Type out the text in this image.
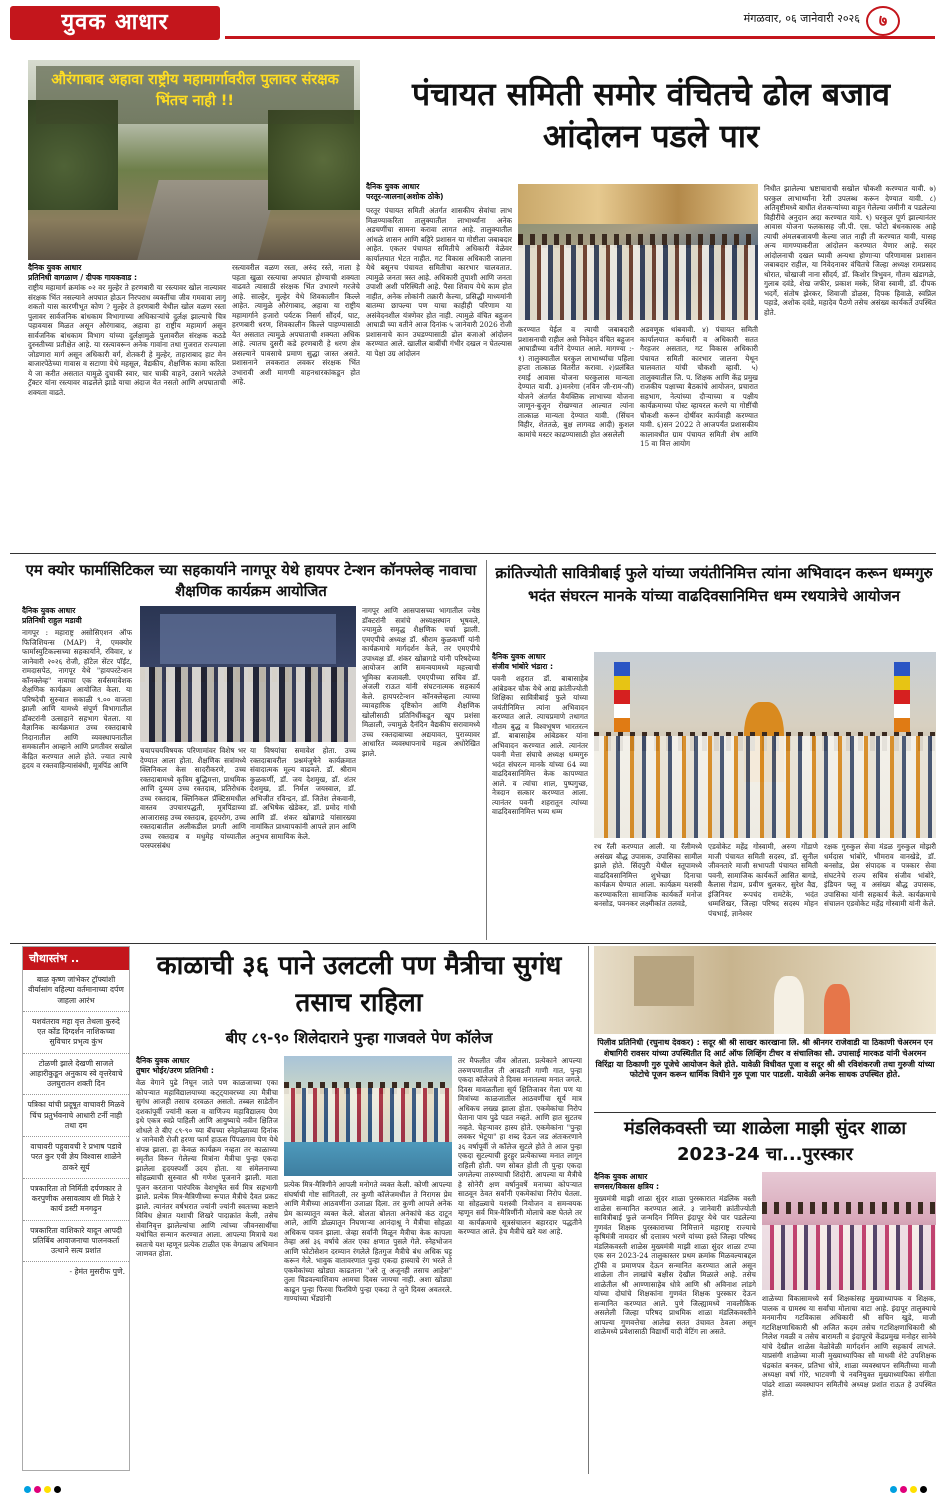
युवक आधार	मंगळवार, ०६ जानेवारी २०२६	७
औरंगाबाद अहावा राष्ट्रीय महामार्गावरील पुलावर संरक्षक भिंतच नाही !!
दैनिक युवक आधार
प्रतिनिधी वागळाण / दीपक गायकवाड :
राष्ट्रीय महामार्ग क्रमांक ०२ वर मुल्हेर ते हरणबारी या रस्त्यावर खोल नाल्यावर संरक्षक भिंत नसल्याने अपघात होऊन निरपराध व्यक्तींचा जीव गमवावा लागू शकतो यास कारणीभूत कोण ? मुल्हेर ते हरणबारी येथील खोल वळण रस्ता पुलावर सार्वजनिक बांधकाम विभागाच्या अधिकाऱ्यांचे दुर्लक्ष झाल्याचे चित्र पहावयास मिळत असून औरंगाबाद, अहावा हा राष्ट्रीय महामार्ग असून सार्वजनिक बांधकाम विभाग यांच्या दुर्लक्षामुळे पुलावरील संरक्षक कठडे दुरुस्तीच्या प्रतीक्षेत आहे. या रस्त्यावरून अनेक गावांना तथा गुजरात राज्याला जोडणारा मार्ग असून अधिकारी वर्ग, शेतकरी हे मुल्हेर, ताहाराबाद हाट मेन बाजारपेठेच्या गावास व सटाणा येथे महसूल, वैद्यकीय, शैक्षणिक कामा करिता ये जा करीत असतात यामुळे दुचाकी स्वार, चार चाकी वाहने, उसाने भरलेले ट्रॅक्टर यांना रस्त्यावर वाढलेले झाडे याचा अंदाज येत नसतो आणि अपघाताची शक्यता वाढते.
रस्त्यावरील वळण रस्ता, अरुंद रस्ते, नाला हे पहता खुळा रस्त्याचा अपघात होण्याची शक्यता वाढवते त्यासाठी संरक्षक भिंत उभारणे गरजेचे आहे. साल्हेर, मुल्हेर येथे शिवकालीन किल्ले आहेत. त्यामुळे औरंगाबाद, अहावा या राष्ट्रीय महामार्गाने हजारो पर्यटक निसर्ग सौंदर्य, घाट, हरणबारी धरण, शिवकालीन किल्ले पाहण्यासाठी येत असतात त्यामुळे अपघाताची शक्यता अधिक आहे. त्यातच दुसरी कडे हरणबारी हे धरण क्षेत्र असल्याने पावसाचे प्रमाण सुद्धा जास्त असते. प्रशासनाने लवकरात लवकर संरक्षक भिंत उभारावी अशी मागणी वाहनधारकांकडून होत आहे.
पंचायत समिती समोर वंचितचे ढोल बजाव आंदोलन पडले पार
दैनिक युवक आधार
परतूर-जालना(अशोक ठोके)
परतूर पंचायत समिती अंतर्गत शासकीय सेवांचा लाभ मिळण्याकरिता तालुक्यातील लाभार्थ्यांना अनेक अडचणींचा सामना करावा लागत आहे. तालुक्यातील आंधळे शासन आणि बहिरे प्रशासन या गोष्टीला जबाबदार आहेत. एकतर पंचायत समितीचे अधिकारी वेळेवर कार्यालयात भेटत नाहीत. गट विकास अधिकारी जालना येथे बसूनच पंचायत समितीचा कारभार चालवतात. त्यामुळे जनता त्रस्त आहे. अधिकारी तुपाशी आणि जनता उपाशी अशी परिस्थिती आहे. पैसा शिवाय येथे काम होत नाहीत, अनेक लोकांनी तक्रारी केल्या, प्रसिद्धी माध्यमांनी बातम्या छापल्या पण याचा काहीही परिणाम या असंवेदनशील यंत्रणेवर होत नाही. त्यामुळे वंचित बहुजन आघाडी च्या वतीने आज दिनांक ५ जानेवारी 2026 रोजी प्रशासनाचे कान उघडण्यासाठी ढोल बजाओ आंदोलन करण्यात आले. खालील बाबींची गंभीर दखल न घेतल्यास या पेक्षा उग्र आंदोलन
करण्यात येईल व त्याची जबाबदारी प्रशासनाची राहील असे निवेदन वंचित बहुजन आघाडीच्या वतीने देण्यात आले. मागण्या :- १) तालुक्यातील घरकुल लाभार्थ्यांचा पहिला हप्ता तात्काळ वितरीत करावा. २)प्रलंबित रमाई आवास योजना घरकुलास मान्यता देण्यात यावी. ३)मनरेगा (नविन जी-राम-जी) योजने अंतर्गत वैयक्तिक लाभाच्या योजना जाणून-बुजून रोखण्यात आल्यात त्यांना तात्काळ मान्यता देण्यात यावी. (सिंचन विहीर, शेततळे, बुक्ष लागवड आदी) कुशल कामांचे मस्टर काढण्यासाठी होत असलेली
अडवणूक थांबवावी. ४) पंचायत समिती कार्यालयात कर्मचारी व अधिकारी सतत गैरहजर असतात, गट विकास अधिकारी पंचायत समिती कारभार जालना येथून चालवतात यांची चौकशी व्हावी. ५) तालुक्यातील जि. प. शिक्षक आणि केंद्र प्रमुख राजकीय पक्षाच्या बैठकांचे आयोजन, प्रचारात सहभाग, नेत्यांच्या दौऱ्याच्या व पक्षीय कार्यक्रमाच्या पोस्ट व्हायरल करणे या गोष्टींची चौकशी करून दोषींवर कार्यवाही करण्यात यावी. ६)सन 2022 ते आजपर्यंत प्रशासकीय कालावधीत ग्राम पंचायत समिती शेष आणि 15 वा वित्त आयोग
निधीत झालेल्या भ्रष्टाचाराची सखोल चौकशी करण्यात यावी. ७) घरकुल लाभार्थ्यांना रेती उपलब्ध करून देण्यात यावी. ८) अतिवृष्टीमध्ये बाधीत शेतकऱ्यांच्या वाहून गेलेल्या जमीनी व पडलेल्या विहीरींचे अनुदान अदा करण्यात यावे. ९) घरकुल पूर्ण झाल्यानंतर आवास योजना फलकासह जी.पी. एस. फोटो बंधनकारक आहे त्याची अंमलबजावणी केल्या जात नाही ती करण्यात यावी, यासह अन्य मागण्याकरीता आंदोलन करण्यात येणार आहे. सदर आंदोलनाची दखल घ्यावी अन्यथा होणाऱ्या परिणामास प्रशासन जबाबदार राहील, या निवेदनावर वंचितचे जिल्हा अध्यक्ष रामप्रसाद थोरात, चोखाजी नाना सौंदर्य, डॉ. किशोर त्रिभुवन, गौतम खंडागळे, गुलाब दवंडे, शेख जफीर, प्रकाश मस्के, शिवा स्वामी, डॉ. दीपक भदर्गे, संतोष झेरकर, शिवाजी डोळस, दिपक हिवाळे, स्वप्निल पहाडे, अशोक दवंडे, महादेव पैठणे तसेच असंख्य कार्यकर्ते उपस्थित होते.
एम क्योर फार्मासिटिकल च्या सहकार्याने नागपूर येथे हायपर टेन्शन कॉनफ्लेव्ह नावाचा शैक्षणिक कार्यक्रम आयोजित
दैनिक युवक आधार
प्रतिनिधी राहुल मडावी
नागपूर : महाराष्ट्र असोसिएशन ऑफ फिजिशियन्स (MAP) ने, एमक्योर फार्मास्युटिकल्सच्या सहकार्याने, रविवार, ४ जानेवारी २०२६ रोजी, हॉटेल सेंटर पॉईंट, रामदासपेठ, नागपूर येथे "हायपरटेन्शन कॉनक्लेव्ह" नावाचा एक सर्वसमावेशक शैक्षणिक कार्यक्रम आयोजित केला. या परिषदेची सुरुवात सकाळी ९.०० वाजता झाली आणि यामध्ये संपूर्ण विभागातील डॉक्टरांनी उत्साहाने सहभाग घेतला. या वैज्ञानिक कार्यक्रमात उच्च रक्तदाबाचे निदानातील आणि व्यवस्थापनातील समकालीन आव्हाने आणि प्रगतीवर सखोल केंद्रित करण्यात आले होते. ज्यात त्याचे हृदय व रक्तवाहिन्यासंबंधी, मूत्रपिंड आणि
चयापचयविषयक परिणामांवर विशेष भर देण्यात आला होता. शैक्षणिक सत्रांमध्ये क्लिनिकल केस सादरीकरणे, उच्च रक्तदाबामध्ये कृत्रिम बुद्धिमत्ता, प्राथमिक आणि दुय्यम उच्च रक्तदाब, प्रतिरोधक उच्च रक्तदाब, क्लिनिकल प्रॅक्टिसमधील वास्तव उपचारपद्धती, मूत्रपिंडाच्या आजारासह उच्च रक्तदाब, हृदयरोग, उच्च रक्तदाबातील अलीकडील प्रगती आणि उच्च रक्तदाब व मधुमेह यांच्यातील परस्परसंबंध
या विषयांचा समावेश होता. उच्च रक्तदाबावरील प्रश्नमंजुषेने कार्यक्रमात संवादात्मक मूल्य वाढवले. डॉ. श्रीराम कुळकर्णी, डॉ. जय देशमुख, डॉ. शंतर देशमुख, डॉ. निर्मल जयस्वाल, डॉ. अभिजीत रविन्द्रन, डॉ. जितेश लेकवानी, डॉ. अभिषेक खेडेकर, डॉ. प्रमोद गांधी आणि डॉ. शंकर खोब्रागडे यांसारख्या नामांकित प्राध्यापकांनी आपले ज्ञान आणि अनुभव सामायिक केले.
नागपूर आणि आसपासच्या भागातील ज्येष्ठ डॉक्टरांनी सत्रांचे अध्यक्षस्थान भूषवले, ज्यामुळे समृद्ध शैक्षणिक चर्चा झाली. एमएपीचे अध्यक्ष डॉ. श्रीराम कुळकर्णी यांनी कार्यक्रमाचे मार्गदर्शन केले, तर एमएपीचे उपाध्यक्ष डॉ. शंकर खोब्रागडे यांनी परिषदेच्या आयोजन आणि समन्वयामध्ये महत्त्वाची भूमिका बजावली. एमएपीच्या सचिव डॉ. अंजली राऊत यांनी संघटनात्मक सहकार्य केले. हायपरटेन्शन कॉनक्लेव्हला त्याच्या व्यावहारिक दृष्टिकोन आणि शैक्षणिक खोलीसाठी प्रतिनिधींकडून खूप प्रशंसा मिळाली, ज्यामुळे दैनंदिन वैद्यकीय सरावामध्ये उच्च रक्तदाबाच्या अद्ययावत, पुराव्यावर आधारित व्यवस्थापनाचे महत्व अधोरेखित झाले.
क्रांतिज्योती सावित्रीबाई फुले यांच्या जयंतीनिमित्त त्यांना अभिवादन करून धम्मगुरु भदंत संघरत्न मानके यांच्या वाढदिवसानिमित्त धम्म रथयात्रेचे आयोजन
दैनिक युवक आधार
संजीव भांबोरे भंडारा :
पवनी शहरात डॉ. बाबासाहेब आंबेडकर चौक येथे आद्य क्रांतीज्योती शिक्षिका सावित्रीबाई फुले यांच्या जयंतीनिमित्त त्यांना अभिवादन करण्यात आले. त्याचप्रमाणे तथागत गौतम बुद्ध व विश्वभूषण भारतरत्न डॉ. बाबासाहेब आंबेडकर यांना अभिवादन करण्यात आले. त्यानंतर पवनी मेत्ता संघाचे अध्यक्ष धम्मगुरु भदंत संघरत्न मानके यांच्या 64 व्या वाढदिवसानिमित्त केक कापण्यात आले. व त्यांचा शाल, पुष्पगुच्छ, नेत्रदान सत्कार करण्यात आला. त्यानंतर पवनी शहरातून त्यांच्या वाढदिवसानिमित्त भव्य धम्म
रथ रॅली करण्यात आली. या रॅलीमध्ये असंख्य बौद्ध उपासक, उपासिका सामील झाले होते. सिंदपुरी येथील स्तूपामध्ये वाढदिवसानिमित्त शुभेच्छा दिनाचा कार्यक्रम घेण्यात आला. कार्यक्रम यशस्वी करण्याकरिता सामाजिक कार्यकर्ते मनोज बनसोड, पवनकर लक्ष्मीकांत तलवडे,
एडवोकेट महेंद्र गोस्वामी, अरुण गोंडाणे माजी पंचायत समिती सदस्य, डॉ. सुनील जीवनतारे माजी सभापती पंचायत समिती पवनी, सामाजिक कार्यकर्ते आसित बागडे, कैलास गेडाम, प्रवीण थुलकर, सुरेश वैद्य, इंजिनियर रूपचंद रामटेके, भदंत धम्मशिखर, जिल्हा परिषद सदस्य मोहन पंचभाई, ज्ञानेश्वर
रक्षक गुरुकुल सेवा मंडळ गुरुकुल मोझरी धर्मदास भांबोरे, भीमराव वानखेडे, डॉ. बनसोड, प्रेस संपादक व पत्रकार सेवा संघटनेचे राज्य सचिव संजीव भांबोरे, इंडियन फ्लू व असंख्य बौद्ध उपासक, उपासिका यांनी सहकार्य केले. कार्यक्रमाचे संचालन एडवोकेट महेंद्र गोस्वामी यांनी केले.
चौथास्तंभ ..
बाळ कृष्ण जांभेकर ट्रॉफ्यांशी वीर्यासांग वहिल्या वर्तमानाच्या दर्पण जाहला आरंभ
यशवंतराव महा वृत्त तेथला कुरुदे एत कोंड दिग्दर्शन नाशिकच्या सुविचार प्रभृत्व कुंभ
टोळणी झाले देखणी साजले आहारीकुडून अनुकाय स्वे वृत्तरेवाचे उलघुरातन शक्ती दिन
पत्रिका यांची प्रदूषूत वाचावरी मिळवे चिंच प्रतुर्भवनाचे आधारी टर्नी नाही तथा दम
वाचावरी पहुवावची रे प्रभाष पडावे परत कुर एवी ज्ञेय विश्वास शाळेने ठाकरे सूर्य
पत्रकारिता तो निर्मिती दर्पणकार ते करपुणीक असावत्वाय शी मिळे रे कार्य डस्टी मनगढ़ुन
पत्रकारिता वाशिकारे यादून आपदी प्रतिबिंब आवाजनाचा पालनकर्ता उत्थाने सत्य प्रशांत
- हेमंत मुसरीफ पुणे.
काळाची ३६ पाने उलटली पण मैत्रीचा सुगंध तसाच राहिला
बीए ८९-९० शिलेदाराने पुन्हा गाजवले पेण कॉलेज
दैनिक युवक आधार
तुषार भोईर/उरण प्रतिनिधी :
वेळ वेगाने पुढे निघून जाते पण काळजाच्या एका कोपऱ्यात महाविद्यालयाच्या कट्ट्यावरच्या त्या मैत्रीचा सुगंध आजही तसाच दरवळत असतो. तब्बल साडेतीन दशकांपूर्वी ज्यांनी कला व वाणिज्य महाविद्यालय पेण इथे एकत्र स्वप्ने पाहिली आणि आयुष्याचे नवीन क्षितिज शोधले ते बीए ८९-९० च्या बॅचच्या स्नेहमेळाव्या दिनांक ४ जानेवारी रोजी हरणा फार्म हाऊस पिंपळगाव पेण येथे संपन्न झाला. हा केवळ कार्यक्रम नव्हता तर काळाच्या स्मृतीत विरून गेलेल्या मित्रांना मैत्रीचा पुन्हा एकदा झालेला हृदयस्पर्शी उदय होता. या संमेलनाच्या सोहळ्याची सुरुवात श्री गणेश पूजनाने झाली. माता पूजन करताना पारंपरिक वेशभूषेत सर्व मित्र सहभागी झाले. प्रत्येक मित्र-मैत्रिणीच्या रूपात मैत्रीचे दैवत प्रकट झाले. त्यानंतर वर्षभरात ज्यांनी ज्यांनी स्वतःच्या कष्टाने विविध क्षेत्रात यशाची शिखरे पादाक्रांत केली, तसेच सेवानिवृत्त झालेल्यांचा आणि त्यांच्या जीवनसाथींचा यथोचित सन्मान करण्यात आला. आपल्या मित्राचे यश स्वतःचे यश म्हणून प्रत्येक टाळीत एक वेगळाच अभिमान जाणवत होता.
प्रत्येक मित्र-मैत्रिणीने आपली मनोगते व्यक्त केली. कोणी आपल्या संघर्षाची गोष्ट सांगितली, तर कुणी कॉलेजमधील ते निरागस प्रेम आणि मैत्रीच्या आठवणींना उजाळा दिला. तर कुणी आपले अनेक प्रेम काव्यातून व्यक्त केले. बोलता बोलता अनेकांचे कंठ दाटून आले, आणि डोळ्यातून निघणाऱ्या आनंदाश्रू ने मैत्रीचा सोहळा अधिकच पावन झाला. जेव्हा सर्वांनी मिळून मैत्रीचा केक कापला तेव्हा असं ३६ वर्षाचे अंतर एका क्षणात पुसले गेले. स्नेहभोजन आणि फोटोसेशन दरम्यान रंगलेले हितगुज मैत्रीचे बंध अधिक घट्ट करून गेले. भावुक वातावरणात पुन्हा एकदा हास्याचे रंग भरले ते एकमेकांच्या खोड्या काढताना "अरे तू अजूनही तसाच आहेस" तुला चिडवल्याशिवाय आमचा दिवस जायचा नाही. अशा खोड्या काढून पुन्हा फिरवा फिरविणे पुन्हा एकदा ते जुने दिवस अवतरले. गाण्यांच्या भेंड्यांनी
तर मैफलीत जीव ओतला. प्रत्येकाने आपल्या तरुणपणातील ती आवडती गाणी गात, पुन्हा एकदा कॉलेजचे ते दिवस मनातल्या मनात जगले. दिवस मावळतीला सूर्य क्षितिजावर गेला पण या मित्रांच्या काळजातील आठवणींचा सूर्य मात्र अधिकच लख्ख झाला होता. एकमेकांचा निरोप घेताना पाय पुढे पडत नव्हते. आणि हात सुटतच नव्हते. चेहऱ्यावर हास्य होते. एकमेकांना "पुन्हा लवकर भेटूया" हा शब्द देऊन जड अंतःकरणाने ३६ वर्षापूर्वी जे कॉलेज सुटले होते ते आज पुन्हा एकदा सुटल्याची हुरहुर प्रत्येकाच्या मनात लागून राहिली होती. पण सोबत होती ती पुन्हा एकदा जगलेल्या तारुण्याची शिदोरी. आपल्या या मैत्रीचे हे सोनेरी क्षण वर्षानुवर्षे मनाच्या कोपऱ्यात साठवून ठेवत सर्वांनी एकमेकांचा निरोप घेतला. या सोहळ्याचे यशस्वी नियोजन व समन्वयक म्हणून सर्व मित्र-मैत्रिणींनी मोलाचे कष्ट घेतले तर या कार्यक्रमाचे सूत्रसंचालन बहारदार पद्धतीने करण्यात आले. हेच मैत्रीचे खरे यश आहे.
पिलीव प्रतिनिधी (रघुनाथ देवकर) : सदूर श्री श्री साखर कारखाना लि. श्री श्रीनगर राजेवाडी या ठिकाणी चेअरमन एन शेषागिरी रावसर यांच्या उपस्थितीत दि आर्ट ऑफ लिव्हिंग टीचर व संचालिका सौ. उपासाई मारकड यांनी चेअरमन विरिंद्रा या ठिकाणी गुरु पूजेचे आयोजन केले होते. यावेळी विधीवत पूजा व सदूर श्री श्री रविशंकरजी तथा गुरुजी यांच्या फोटोचे पूजन करून धार्मिक विधीने गुरु पूजा पार पाडली. यावेळी अनेक साधक उपस्थित होते.
मंडलिकवस्ती च्या शाळेला माझी सुंदर शाळा 2023-24 चा...पुरस्कार
दैनिक युवक आधार
सणसर/विकास क्षत्रिय :
मुख्यमंत्री माझी शाळा सुंदर शाळा पुरस्कारात मंडलिक वस्ती शाळेस सन्मानित करण्यात आले. ३ जानेवारी क्रांतीज्योती सावित्रीबाई फुले जन्मदिन निमित्त इंदापूर येथे पार पडलेल्या गुणवंत शिक्षक पुरस्काराच्या निमित्ताने महाराष्ट्र राज्याचे कृषिमंत्री नामदार श्री दत्तात्रय भरणे यांच्या हस्ते जिल्हा परिषद मंडलिकवस्ती शाळेस मुख्यमंत्री माझी शाळा सुंदर शाळा टप्पा एक सन 2023-24 तालुकास्तर प्रथम क्रमांक मिळवल्याबद्दल ट्रॉफी व प्रमाणपत्र देऊन सन्मानित करण्यात आले असून शाळेला तीन लाखांचे बक्षीस देखील मिळाले आहे. तसेच शाळेतील श्री आण्णासाहेब धोत्रे आणि श्री अविनाश लांडगे यांच्या दोघांचे शिक्षकांना गुणवंत शिक्षक पुरस्कार देऊन सन्मानित करण्यात आले. पुणे जिल्ह्यामध्ये नावलौकिक असलेली जिल्हा परिषद प्राथमिक शाळा मंडलिकवस्तीने आपल्या गुणवत्तेचा आलेख सतत उंचावत ठेवला असून शाळेमध्ये प्रवेशासाठी विद्यार्थी यादी वेटिंग ला असते.
शाळेच्या विकासामध्ये सर्व शिक्षकांसह मुख्याध्यापक व शिक्षक, पालक व ग्रामस्थ या सर्वांचा मोलाचा वाटा आहे. इंदापूर तालुक्याचे मनमानीय गटविकास अधिकारी श्री सचिन खुडे, माजी गटशिक्षणाधिकारी श्री अजित कदम तसेच गटशिक्षणाधिकारी श्री निलेश गवळी व तसेच बारामती व इंदापूरचे केंद्रप्रमुख मनोहर सानेवे यांचे देखील शाळेस वेळोवेळी मार्गदर्शन आणि सहकार्य लाभले. याप्रसंगी शाळेच्या माजी मुख्याध्यापिका सौ माधवी शेटे उपशिक्षक चंद्रकांत बनकर, प्रतिभा धोत्रे, शाळा व्यवस्थापन समितीच्या माजी अध्यक्षा वर्षा गोरे, भाटवणी चे नवनियुक्त मुख्याध्यापिका संगीता पांढरे शाळा व्यवस्थापन समितीचे अध्यक्ष प्रशांत राऊत हे उपस्थित होते.
